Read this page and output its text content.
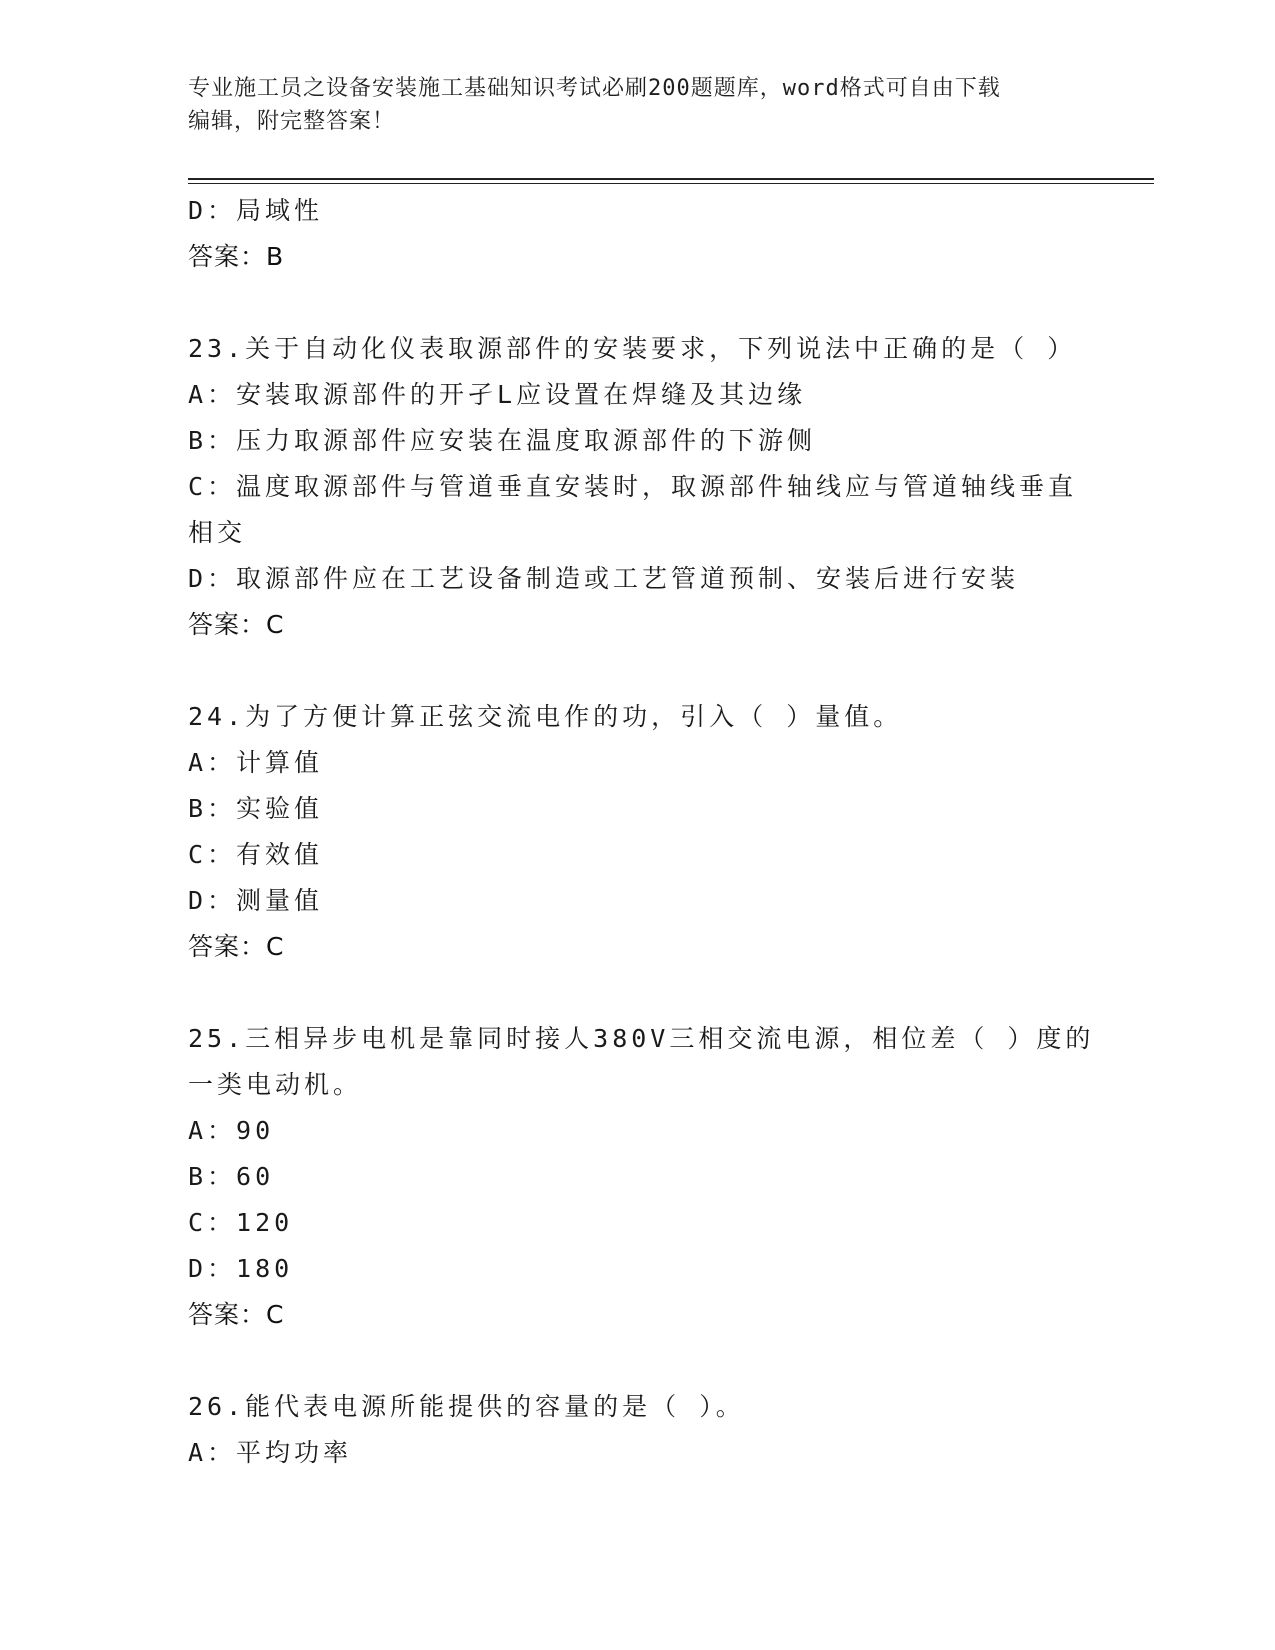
专业施工员之设备安装施工基础知识考试必刷200题题库，word格式可自由下载
编辑，附完整答案！
D：局域性
答案：B
23.关于自动化仪表取源部件的安装要求，下列说法中正确的是（ ）
A：安装取源部件的开孑L应设置在焊缝及其边缘
B：压力取源部件应安装在温度取源部件的下游侧
C：温度取源部件与管道垂直安装时，取源部件轴线应与管道轴线垂直
相交
D：取源部件应在工艺设备制造或工艺管道预制、安装后进行安装
答案：C
24.为了方便计算正弦交流电作的功，引入（ ）量值。
A：计算值
B：实验值
C：有效值
D：测量值
答案：C
25.三相异步电机是靠同时接人380V三相交流电源，相位差（ ）度的
一类电动机。
A：90
B：60
C：120
D：180
答案：C
26.能代表电源所能提供的容量的是（ ）。
A：平均功率
